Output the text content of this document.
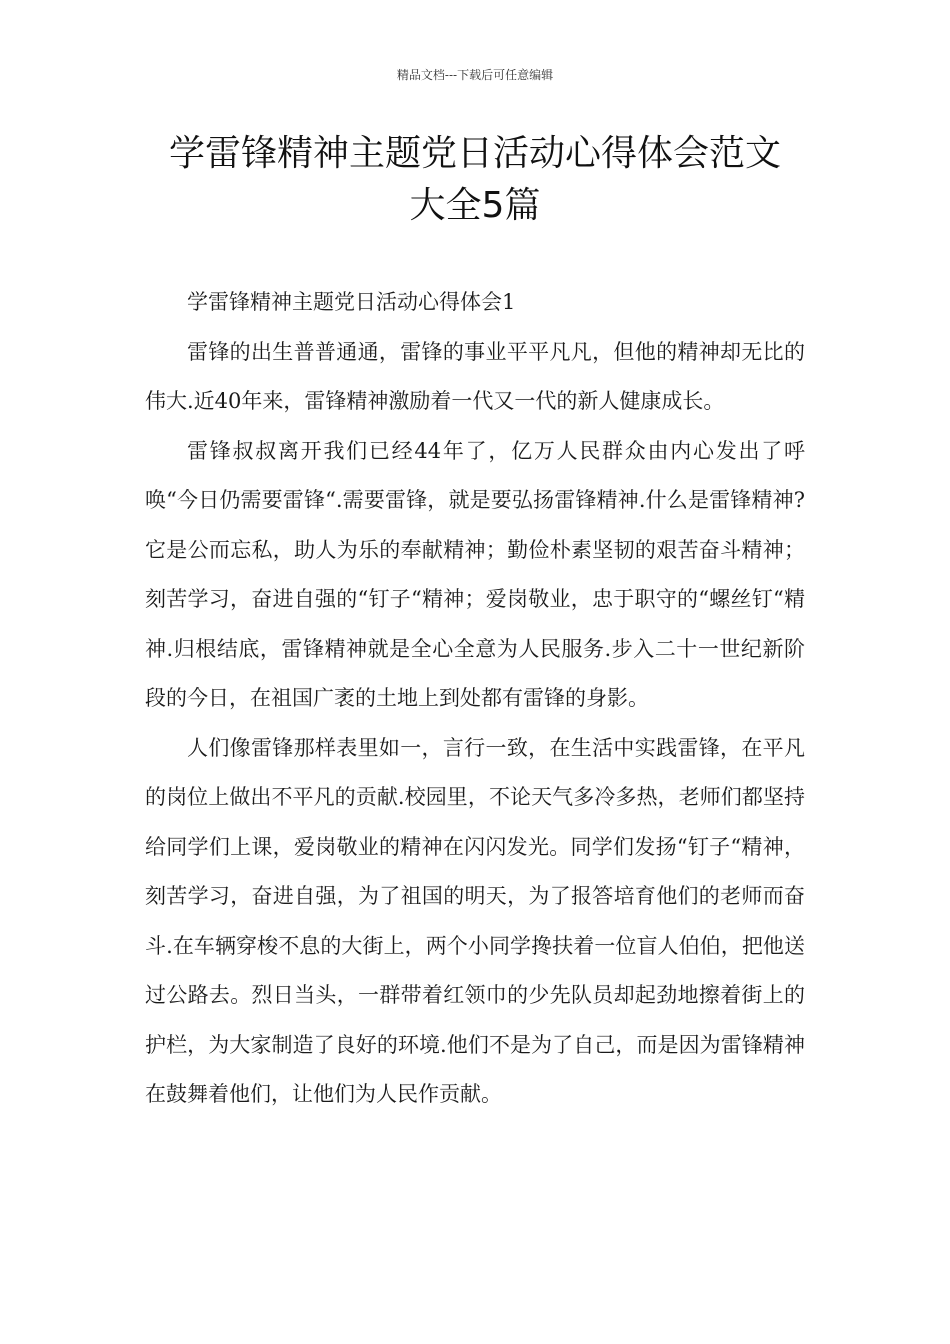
精品文档---下载后可任意编辑
学雷锋精神主题党日活动心得体会范文
大全5篇

学雷锋精神主题党日活动心得体会1

雷锋的出生普普通通，雷锋的事业平平凡凡，但他的精神却无比的伟大.近40年来，雷锋精神激励着一代又一代的新人健康成长。

雷锋叔叔离开我们已经44年了，亿万人民群众由内心发出了呼唤“今日仍需要雷锋“.需要雷锋，就是要弘扬雷锋精神.什么是雷锋精神?它是公而忘私，助人为乐的奉献精神；勤俭朴素坚韧的艰苦奋斗精神；刻苦学习，奋进自强的“钉子“精神；爱岗敬业，忠于职守的“螺丝钉“精神.归根结底，雷锋精神就是全心全意为人民服务.步入二十一世纪新阶段的今日，在祖国广袤的土地上到处都有雷锋的身影。

人们像雷锋那样表里如一，言行一致，在生活中实践雷锋，在平凡的岗位上做出不平凡的贡献.校园里，不论天气多冷多热，老师们都坚持给同学们上课，爱岗敬业的精神在闪闪发光。同学们发扬“钉子“精神，刻苦学习，奋进自强，为了祖国的明天，为了报答培育他们的老师而奋斗.在车辆穿梭不息的大街上，两个小同学搀扶着一位盲人伯伯，把他送过公路去。烈日当头，一群带着红领巾的少先队员却起劲地擦着街上的护栏，为大家制造了良好的环境.他们不是为了自己，而是因为雷锋精神在鼓舞着他们，让他们为人民作贡献。
